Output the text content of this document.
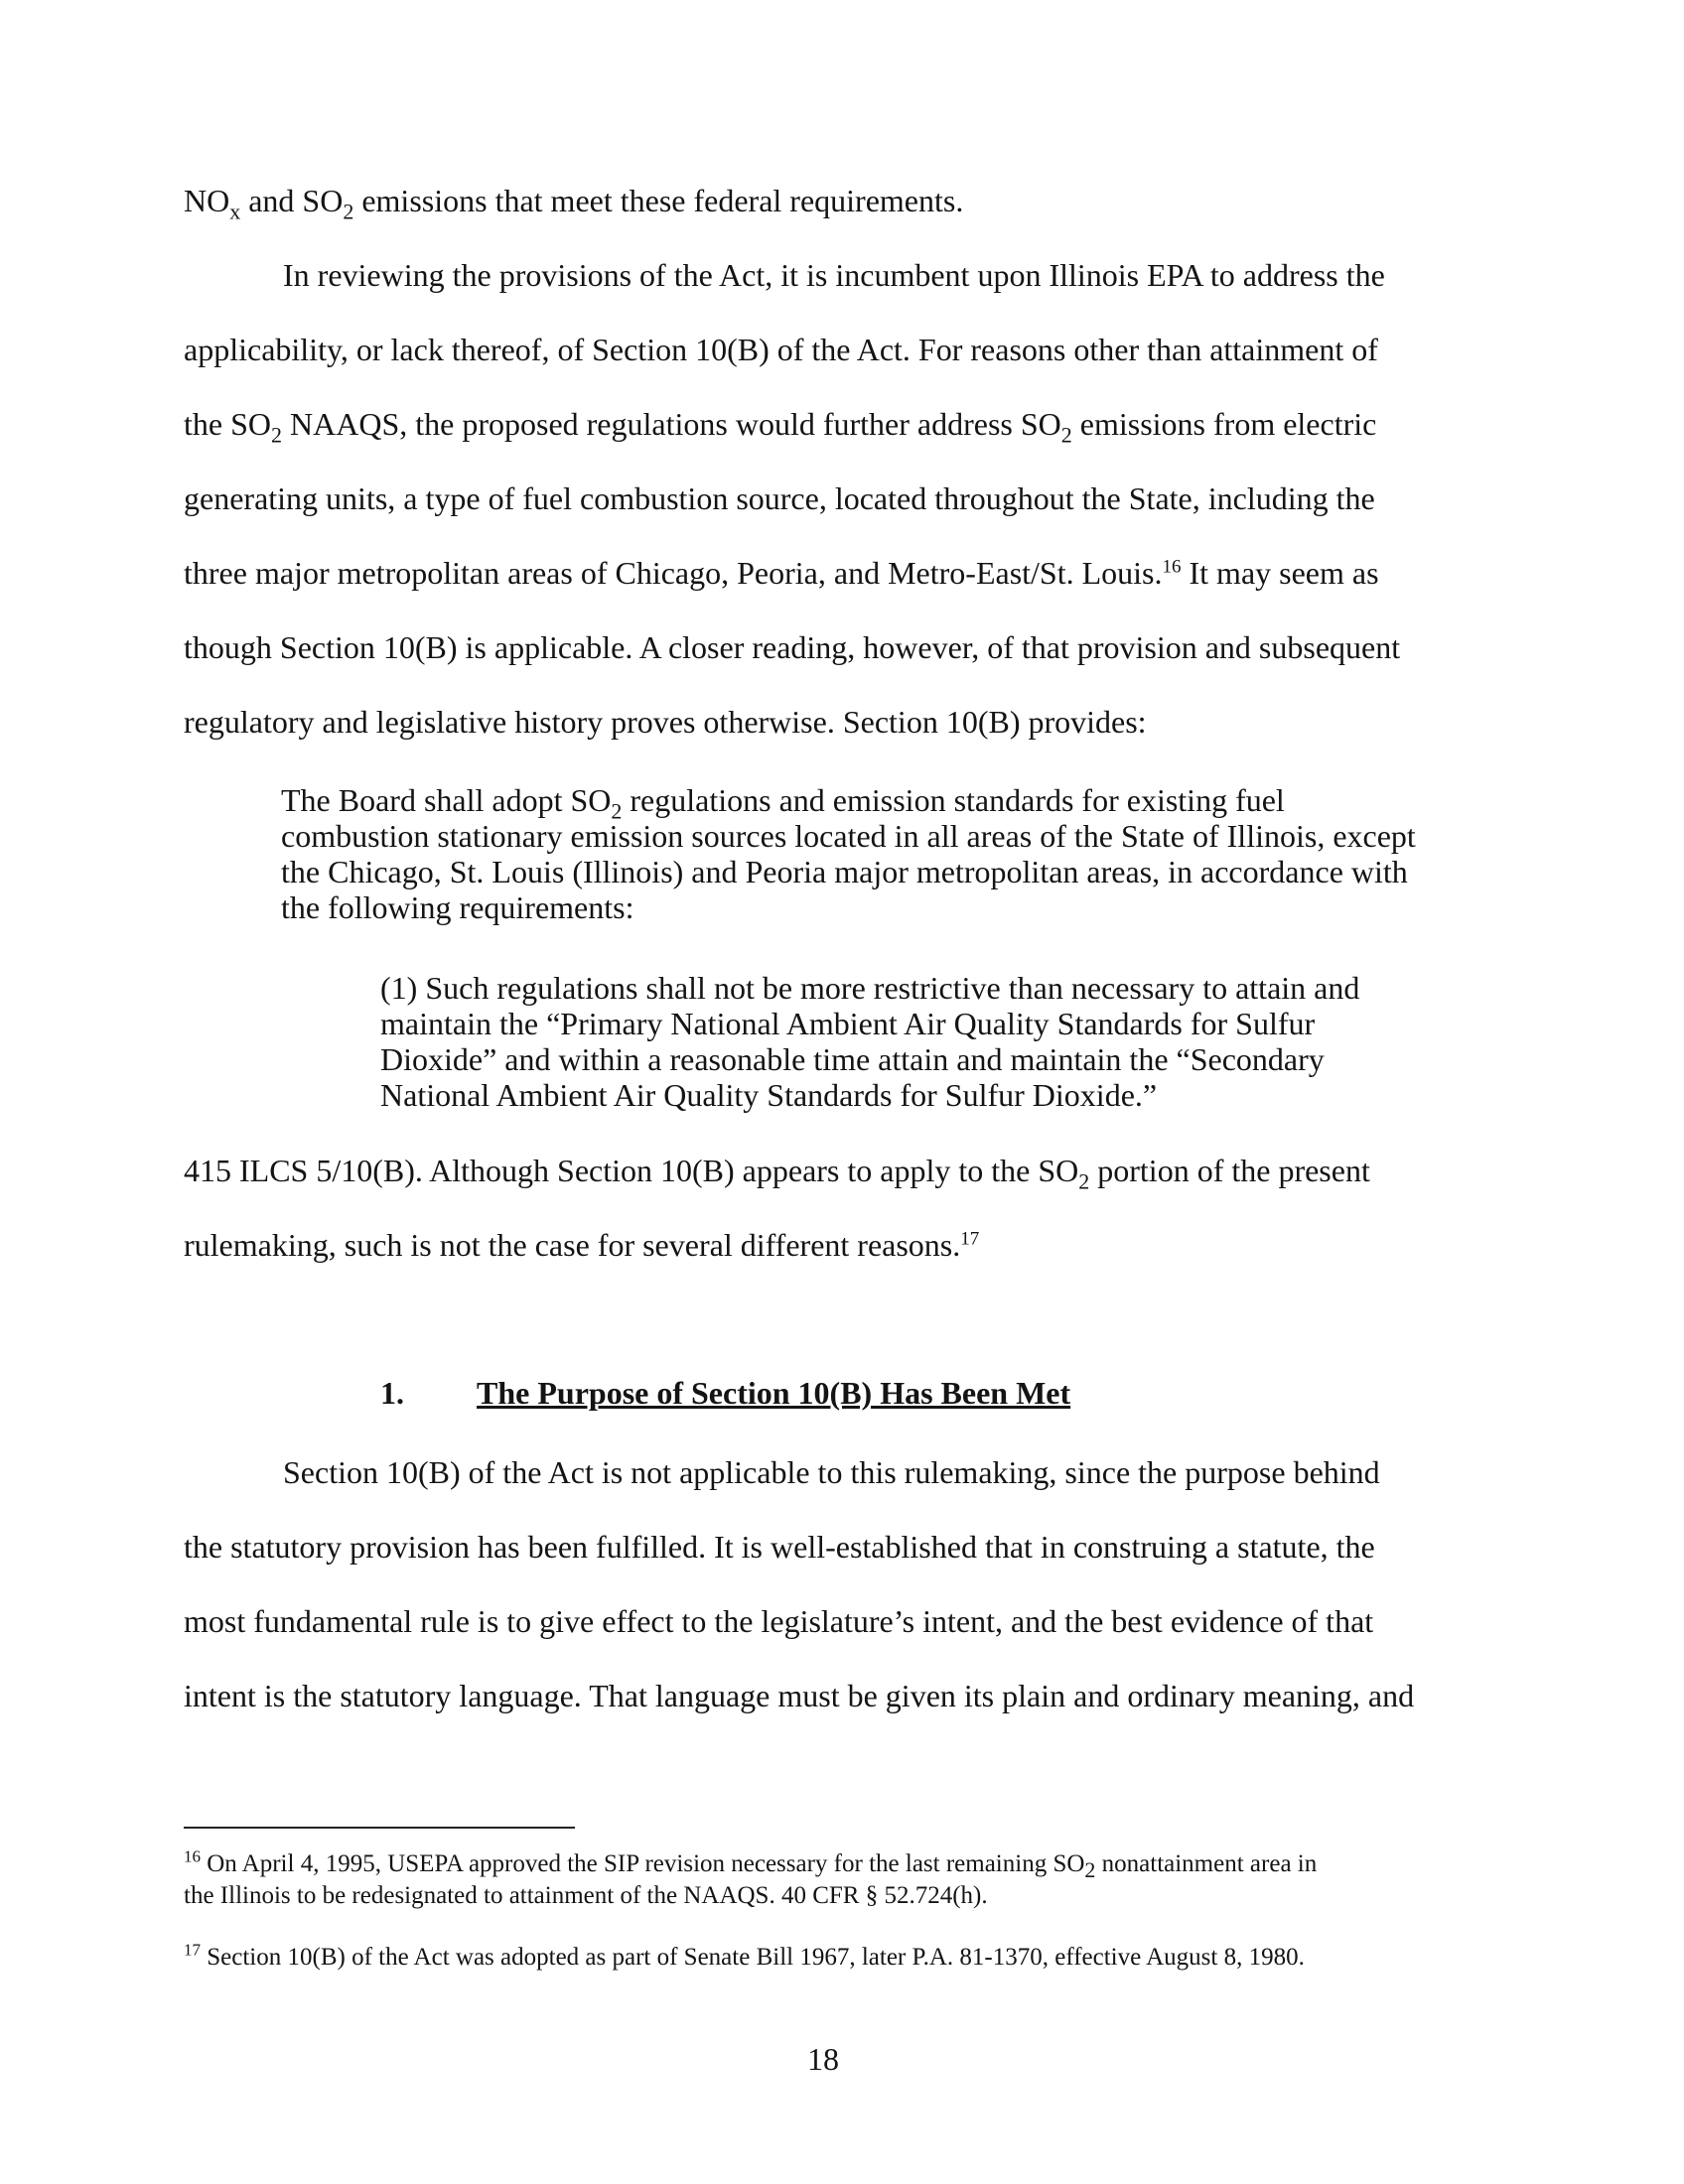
$NO_x$ and $SO_2$ emissions that meet these federal requirements.

In reviewing the provisions of the Act, it is incumbent upon Illinois EPA to address the

applicability, or lack thereof, of Section 10(B) of the Act. For reasons other than attainment of

the $SO_2$ NAAQS, the proposed regulations would further address $SO_2$ emissions from electric

generating units, a type of fuel combustion source, located throughout the State, including the

three major metropolitan areas of Chicago, Peoria, and Metro-East/St. Louis.$^{16}$ It may seem as

though Section 10(B) is applicable. A closer reading, however, of that provision and subsequent

regulatory and legislative history proves otherwise. Section 10(B) provides:

The Board shall adopt $SO_2$ regulations and emission standards for existing fuel

combustion stationary emission sources located in all areas of the State of Illinois, except

the Chicago, St. Louis (Illinois) and Peoria major metropolitan areas, in accordance with

the following requirements:

(1) Such regulations shall not be more restrictive than necessary to attain and

maintain the “Primary National Ambient Air Quality Standards for Sulfur

Dioxide” and within a reasonable time attain and maintain the “Secondary

National Ambient Air Quality Standards for Sulfur Dioxide.”

415 ILCS 5/10(B). Although Section 10(B) appears to apply to the $SO_2$ portion of the present

rulemaking, such is not the case for several different reasons.$^{17}$

1. The Purpose of Section 10(B) Has Been Met

Section 10(B) of the Act is not applicable to this rulemaking, since the purpose behind

the statutory provision has been fulfilled. It is well-established that in construing a statute, the

most fundamental rule is to give effect to the legislature’s intent, and the best evidence of that

intent is the statutory language. That language must be given its plain and ordinary meaning, and

$^{16}$ On April 4, 1995, USEPA approved the SIP revision necessary for the last remaining $SO_2$ nonattainment area in
the Illinois to be redesignated to attainment of the NAAQS. 40 CFR § 52.724(h).
$^{17}$ Section 10(B) of the Act was adopted as part of Senate Bill 1967, later P.A. 81-1370, effective August 8, 1980.
18
